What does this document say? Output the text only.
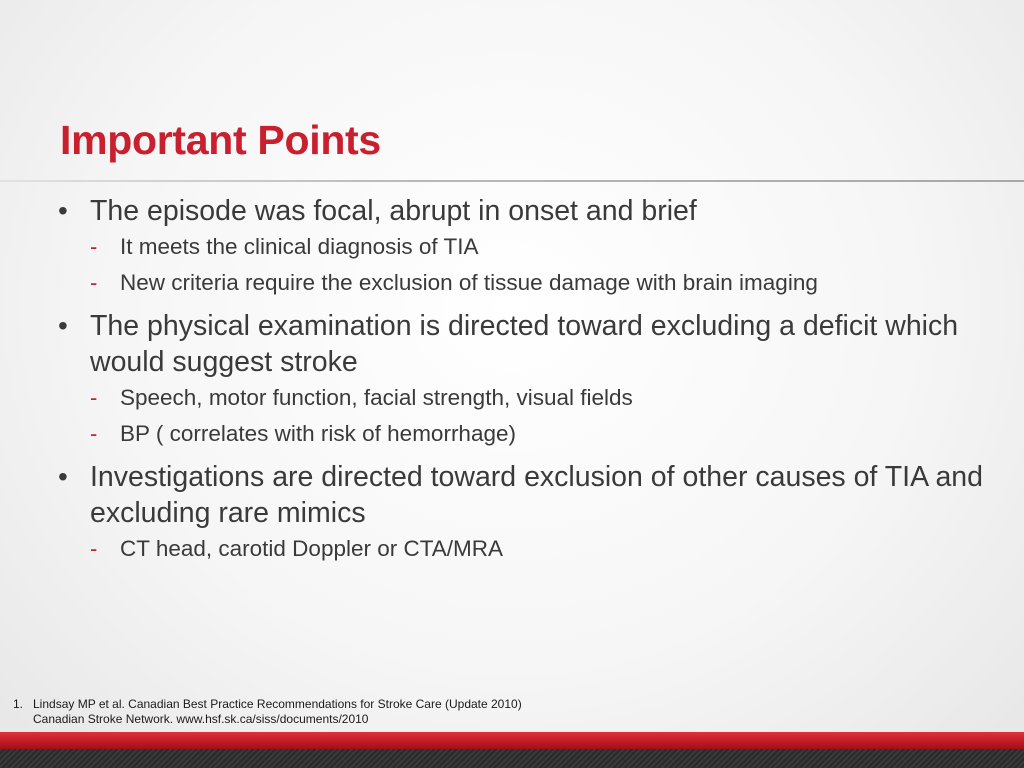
Important Points
• The episode was focal, abrupt in onset and brief
- It meets the clinical diagnosis of TIA
- New criteria require the exclusion of tissue damage with brain imaging
• The physical examination is directed toward excluding a deficit which would suggest stroke
- Speech, motor function, facial strength, visual fields
- BP ( correlates with risk of hemorrhage)
• Investigations are directed toward exclusion of other causes of TIA and excluding rare mimics
- CT head, carotid Doppler or CTA/MRA
1. Lindsay MP et al. Canadian Best Practice Recommendations for Stroke Care (Update 2010)
Canadian Stroke Network. www.hsf.sk.ca/siss/documents/2010
